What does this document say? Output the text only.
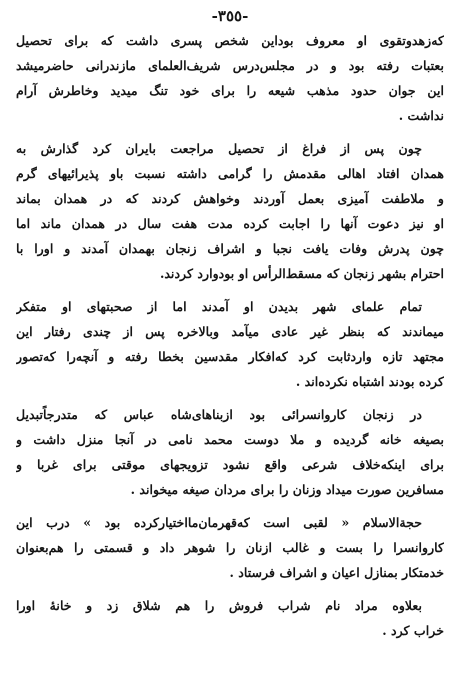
-٣٥٥-
که‌زهدوتقوی او معروف بوداین شخص پسری داشت که برای تحصیل
بعتبات رفته بود و در مجلس‌درس شریف‌العلمای مازندرانی حاضرمیشد
این جوان حدود مذهب شیعه را برای خود تنگ میدید وخاطرش آرام
نداشت .
چون پس از فراغ از تحصیل مراجعت بایران کرد گذارش به
همدان افتاد اهالی مقدمش را گرامی داشته نسبت باو پذیرائیهای گرم
و ملاطفت آمیزی بعمل آوردند وخواهش کردند که در همدان بماند
او نیز دعوت آنها را اجابت کرده مدت هفت سال در همدان ماند اما
چون پدرش وفات یافت نجبا و اشراف زنجان بهمدان آمدند و اورا با
احترام بشهر زنجان که مسقط‌الرأس او بودوارد کردند.
تمام علمای شهر بدیدن او آمدند اما از صحبتهای او متفکر
میماندند که بنظر غیر عادی میآمد وبالاخره پس از چندی رفتار این
مجتهد تازه واردثابت کرد که‌افکار مقدسین بخطا رفته و آنچه‌را که‌تصور
کرده بودند اشتباه نکرده‌اند .
در زنجان کاروانسرائی بود ازبناهای‌شاه عباس که متدرجاً‌تبدیل
بصیغه خانه گردیده و ملا دوست محمد نامی در آنجا منزل داشت و
برای اینکه‌خلاف شرعی واقع نشود تزویجهای موقتی برای غربا و
مسافرین صورت میداد وزنان را برای مردان صیغه میخواند .
حجة‌الاسلام « لقبی است که‌قهرمان‌ما‌اختیارکرده بود » درب این
کاروانسرا را بست و غالب ازنان را شوهر داد و قسمتی را هم‌بعنوان
خدمتکار بمنازل اعیان و اشراف فرستاد .
بعلاوه مراد نام شراب فروش را هم شلاق زد و خانهٔ اورا
خراب کرد .
